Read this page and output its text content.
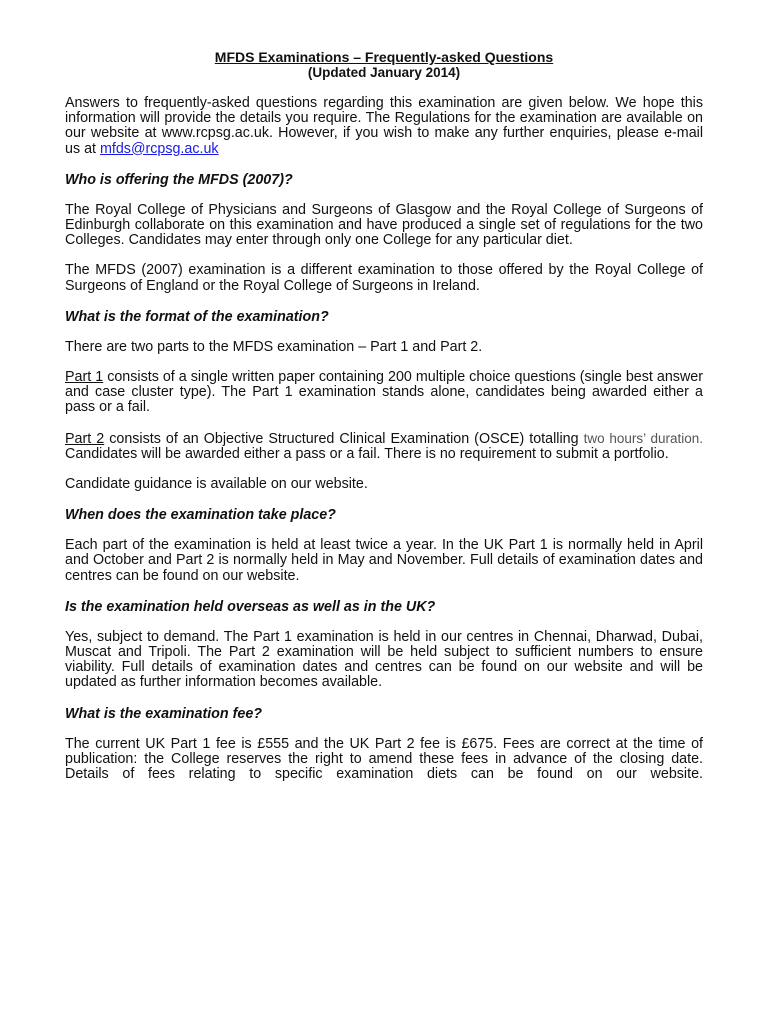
MFDS Examinations – Frequently-asked Questions
(Updated January 2014)

Answers to frequently-asked questions regarding this examination are given below. We hope this information will provide the details you require. The Regulations for the examination are available on our website at www.rcpsg.ac.uk. However, if you wish to make any further enquiries, please e-mail us at mfds@rcpsg.ac.uk

Who is offering the MFDS (2007)?

The Royal College of Physicians and Surgeons of Glasgow and the Royal College of Surgeons of Edinburgh collaborate on this examination and have produced a single set of regulations for the two Colleges. Candidates may enter through only one College for any particular diet.

The MFDS (2007) examination is a different examination to those offered by the Royal College of Surgeons of England or the Royal College of Surgeons in Ireland.

What is the format of the examination?

There are two parts to the MFDS examination – Part 1 and Part 2.

Part 1 consists of a single written paper containing 200 multiple choice questions (single best answer and case cluster type). The Part 1 examination stands alone, candidates being awarded either a pass or a fail.

Part 2 consists of an Objective Structured Clinical Examination (OSCE) totalling two hours’ duration. Candidates will be awarded either a pass or a fail. There is no requirement to submit a portfolio.

Candidate guidance is available on our website.

When does the examination take place?

Each part of the examination is held at least twice a year. In the UK Part 1 is normally held in April and October and Part 2 is normally held in May and November. Full details of examination dates and centres can be found on our website.

Is the examination held overseas as well as in the UK?

Yes, subject to demand. The Part 1 examination is held in our centres in Chennai, Dharwad, Dubai, Muscat and Tripoli. The Part 2 examination will be held subject to sufficient numbers to ensure viability. Full details of examination dates and centres can be found on our website and will be updated as further information becomes available.

What is the examination fee?

The current UK Part 1 fee is £555 and the UK Part 2 fee is £675. Fees are correct at the time of publication: the College reserves the right to amend these fees in advance of the closing date. Details of fees relating to specific examination diets can be found on our website.
